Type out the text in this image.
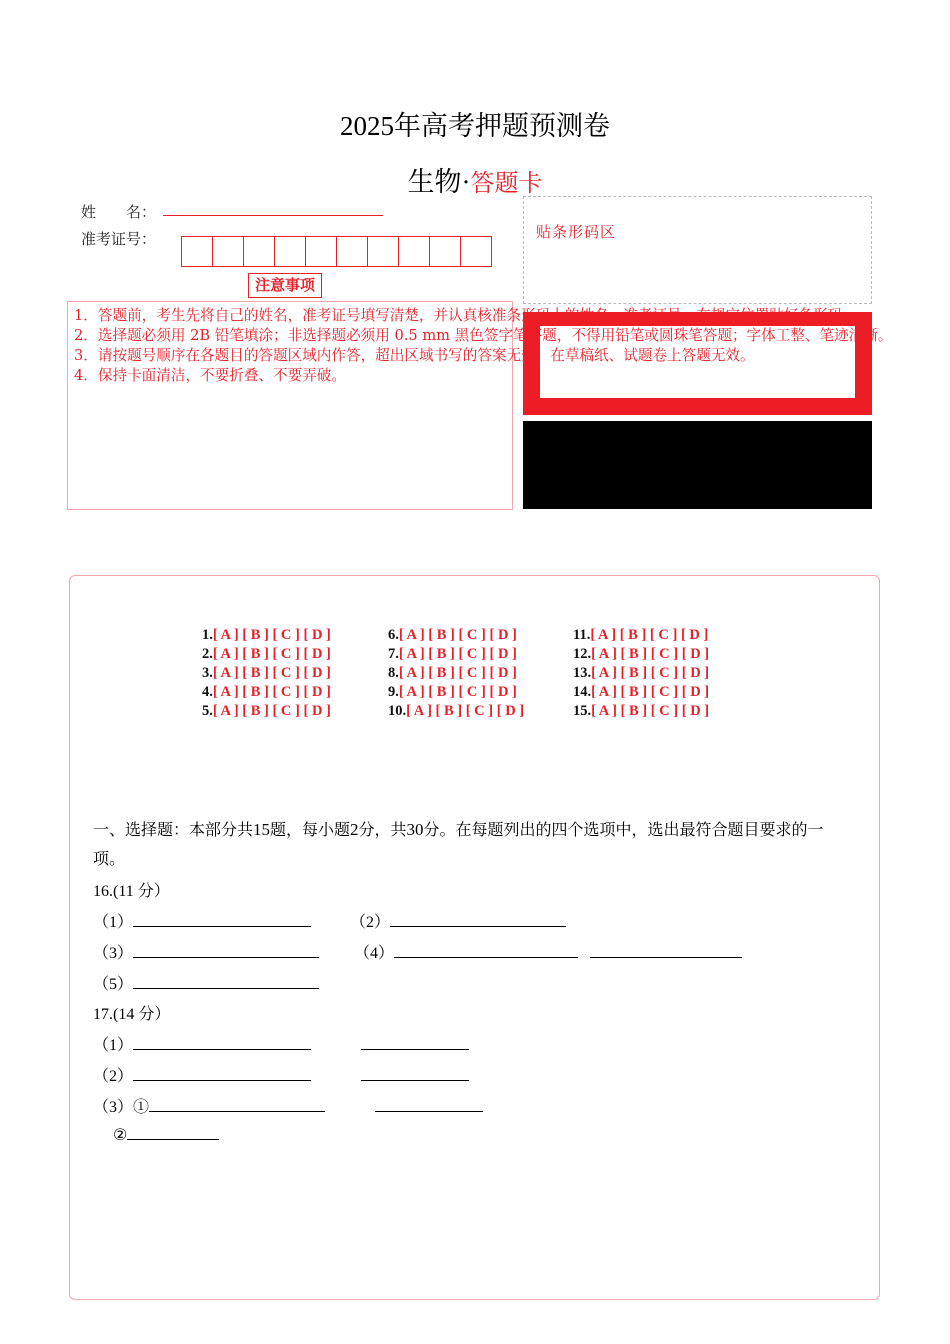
2025年高考押题预测卷
生物·答题卡
姓　　名：
准考证号：	贴条形码区
注意事项
1．答题前，考生先将自己的姓名，准考证号填写清楚，并认真核准条形码上的姓名、准考证号，在规定位置贴好条形码。
2．选择题必须用 2B 铅笔填涂；非选择题必须用 0.5 mm 黑色签字笔答题，不得用铅笔或圆珠笔答题；字体工整、笔迹清晰。
3．请按题号顺序在各题目的答题区域内作答，超出区域书写的答案无效；在草稿纸、试题卷上答题无效。
4．保持卡面清洁，不要折叠、不要弄破。
1.[ A ] [ B ] [ C ] [ D ]
2.[ A ] [ B ] [ C ] [ D ]
3.[ A ] [ B ] [ C ] [ D ]
4.[ A ] [ B ] [ C ] [ D ]
5.[ A ] [ B ] [ C ] [ D ]
6.[ A ] [ B ] [ C ] [ D ]
7.[ A ] [ B ] [ C ] [ D ]
8.[ A ] [ B ] [ C ] [ D ]
9.[ A ] [ B ] [ C ] [ D ]
10.[ A ] [ B ] [ C ] [ D ]
11.[ A ] [ B ] [ C ] [ D ]
12.[ A ] [ B ] [ C ] [ D ]
13.[ A ] [ B ] [ C ] [ D ]
14.[ A ] [ B ] [ C ] [ D ]
15.[ A ] [ B ] [ C ] [ D ]
一、选择题：本部分共15题，每小题2分，共30分。在每题列出的四个选项中，选出最符合题目要求的一项。
16.(11 分）
（1）	（2）
（3）	（4）
（5）
17.(14 分）
（1）
（2）
（3）①
②
